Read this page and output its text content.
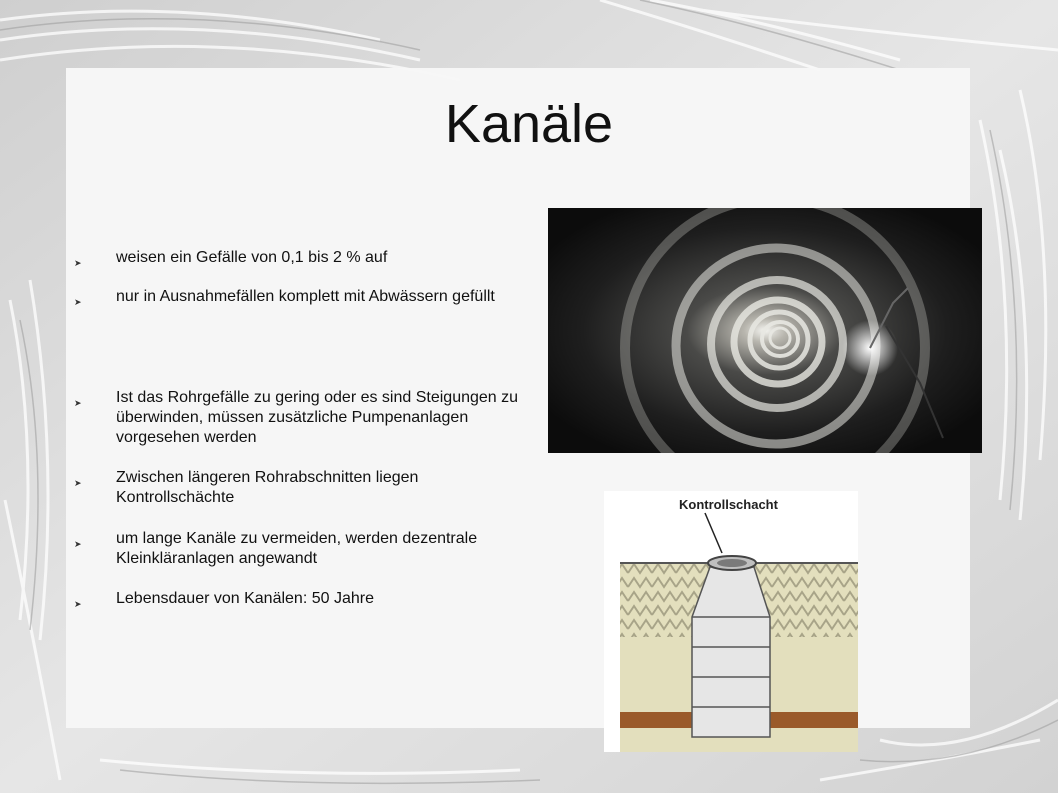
Kanäle
➤ weisen ein Gefälle von 0,1 bis 2 % auf
➤ nur in Ausnahmefällen komplett mit Abwässern gefüllt
➤ Ist das Rohrgefälle zu gering oder es sind Steigungen zu überwinden, müssen zusätzliche Pumpenanlagen vorgesehen werden
➤ Zwischen längeren Rohrabschnitten liegen Kontrollschächte
➤ um lange Kanäle zu vermeiden, werden dezentrale Kleinkläranlagen angewandt
➤ Lebensdauer von Kanälen: 50 Jahre
Kontrollschacht
